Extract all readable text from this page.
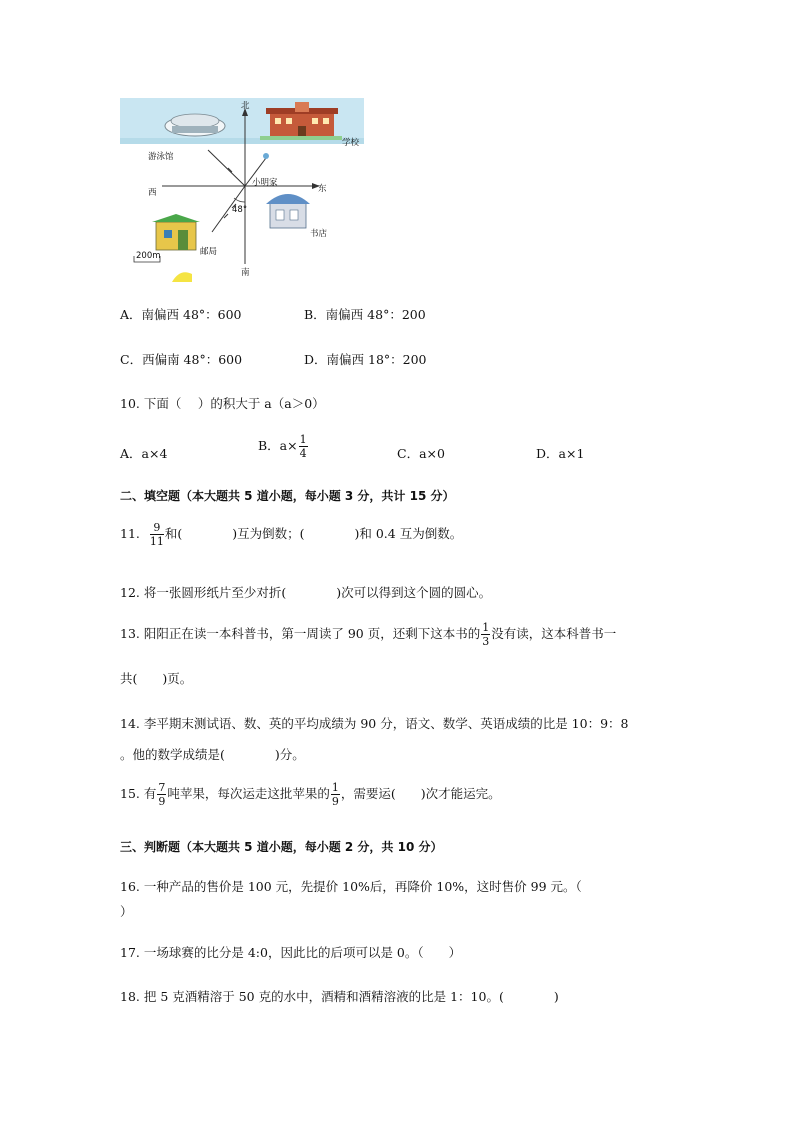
北
南
东
西
学校
游泳馆
小明家
48°
邮局
书店
200m
A．南偏西 48°：600	B．南偏西 48°：200
C．西偏南 48°：600	D．南偏西 18°：200
10. 下面（　 ）的积大于 a（a＞0）
A．a×4
B．$a\times \frac{1}{4}$	C．a×0	D．a×1
二、填空题（本大题共 5 道小题，每小题 3 分，共计 15 分）
11. $\frac{9}{11}$ 和(　　　　)互为倒数；(　　　　)和 0.4 互为倒数。
12. 将一张圆形纸片至少对折(　　　　)次可以得到这个圆的圆心。
13. 阳阳正在读一本科普书，第一周读了 90 页，还剩下这本书的 $\frac{1}{3}$ 没有读，这本科普书一
共(　　)页。
14. 李平期末测试语、数、英的平均成绩为 90 分，语文、数学、英语成绩的比是 10：9：8
。他的数学成绩是(　　　　)分。
15. 有 $\frac{7}{9}$ 吨苹果，每次运走这批苹果的 $\frac{1}{9}$ ，需要运(　　)次才能运完。
三、判断题（本大题共 5 道小题，每小题 2 分，共 10 分）
16. 一种产品的售价是 100 元，先提价 10%后，再降价 10%，这时售价 99 元。（
）
17. 一场球赛的比分是 4:0，因此比的后项可以是 0。（　　）
18. 把 5 克酒精溶于 50 克的水中，酒精和酒精溶液的比是 1：10。(　　　　)
